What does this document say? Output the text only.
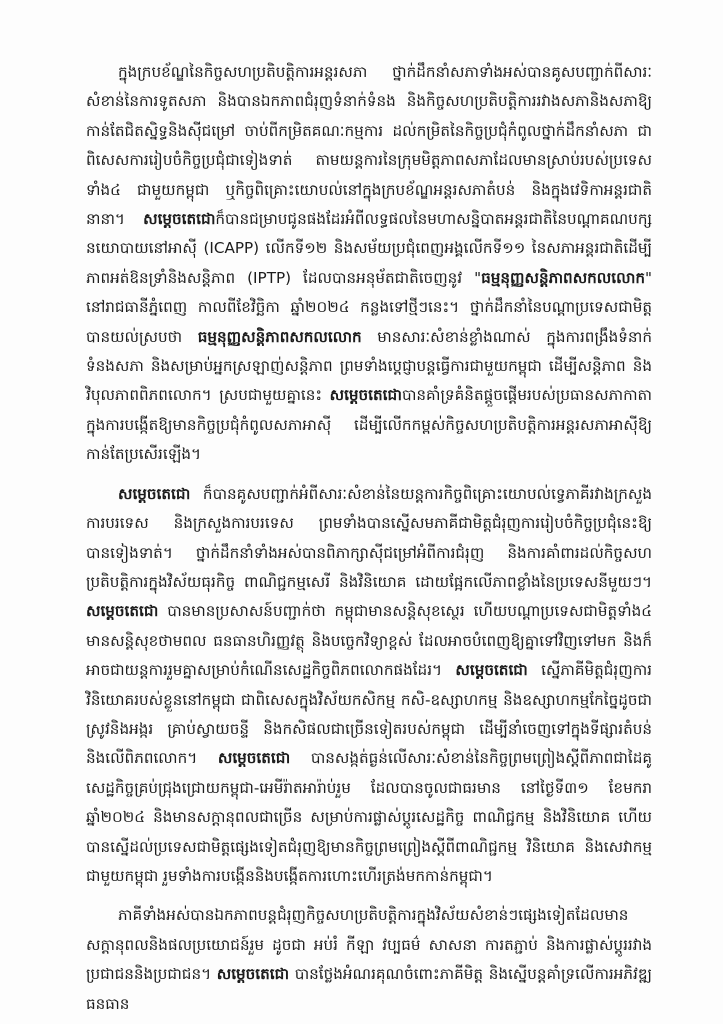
ក្នុងក្របខ័ណ្ឌនៃកិច្ចសហប្រតិបត្តិការអន្តរសភា ថ្នាក់ដឹកនាំសភាទាំងអស់បានគូសបញ្ជាក់ពីសារៈសំខាន់នៃការទូតសភា និងបានឯកភាពជំរុញទំនាក់ទំនង និងកិច្ចសហប្រតិបត្តិការរវាងសភានិងសភាឱ្យកាន់តែជិតស្និទ្ធនិងស៊ីជម្រៅ ចាប់ពីកម្រិតគណៈកម្មការ ដល់កម្រិតនៃកិច្ចប្រជុំកំពូលថ្នាក់ដឹកនាំសភា ជាពិសេសការរៀបចំកិច្ចប្រជុំជាទៀងទាត់ តាមយន្តការនៃក្រុមមិត្តភាពសភាដែលមានស្រាប់របស់ប្រទេសទាំង៤ ជាមួយកម្ពុជា ឬកិច្ចពិគ្រោះយោបល់នៅក្នុងក្របខ័ណ្ឌអន្តរសភាតំបន់ និងក្នុងវេទិកាអន្តរជាតិនានា។ សម្តេចតេជោក៏បានជម្រាបជូនផងដែរអំពីលទ្ធផលនៃមហាសន្និបាតអន្តរជាតិនៃបណ្តាគណបក្សនយោបាយនៅអាស៊ី (ICAPP) លើកទី១២ និងសម័យប្រជុំពេញអង្គលើកទី១១ នៃសភាអន្តរជាតិដើម្បីភាពអត់ឱនទ្រាំនិងសន្តិភាព (IPTP) ដែលបានអនុម័តជាតិចេញនូវ "ធម្មនុញ្ញសន្តិភាពសកលលោក" នៅរាជធានីភ្នំពេញ កាលពីខែវិច្ឆិកា ឆ្នាំ២០២៤ កន្លងទៅថ្មីៗនេះ។ ថ្នាក់ដឹកនាំនៃបណ្តាប្រទេសជាមិត្តបានយល់ស្របថា ធម្មនុញ្ញសន្តិភាពសកលលោក មានសារៈសំខាន់ខ្លាំងណាស់ ក្នុងការពង្រឹងទំនាក់ទំនងសភា និងសម្រាប់អ្នកស្រឡាញ់សន្តិភាព ព្រមទាំងប្តេជ្ញាបន្តធ្វើការជាមួយកម្ពុជា ដើម្បីសន្តិភាព និងវិបុលភាពពិភពលោក។ ស្របជាមួយគ្នានេះ សម្តេចតេជោបានគាំទ្រគំនិតផ្តួចផ្តើមរបស់ប្រធានសភាកាតា ក្នុងការបង្កើតឱ្យមានកិច្ចប្រជុំកំពូលសភាអាស៊ី ដើម្បីលើកកម្ពស់កិច្ចសហប្រតិបត្តិការអន្តរសភាអាស៊ីឱ្យកាន់តែប្រសើរឡើង។

សម្តេចតេជោ ក៏បានគូសបញ្ជាក់អំពីសារៈសំខាន់នៃយន្តការកិច្ចពិគ្រោះយោបល់ទ្វេភាគីរវាងក្រសួងការបរទេស និងក្រសួងការបរទេស ព្រមទាំងបានស្នើសមភាគីជាមិត្តជំរុញការរៀបចំកិច្ចប្រជុំនេះឱ្យបានទៀងទាត់។ ថ្នាក់ដឹកនាំទាំងអស់បានពិភាក្សាស៊ីជម្រៅអំពីការជំរុញ និងការគាំពារដល់កិច្ចសហប្រតិបត្តិការក្នុងវិស័យធុរកិច្ច ពាណិជ្ជកម្មសេរី និងវិនិយោគ ដោយផ្អែកលើភាពខ្លាំងនៃប្រទេសនីមួយៗ។ សម្តេចតេជោ បានមានប្រសាសន៍បញ្ជាក់ថា កម្ពុជាមានសន្តិសុខស្ថេរ ហើយបណ្តាប្រទេសជាមិត្តទាំង៤ មានសន្តិសុខថាមពល ធនធានហិរញ្ញវត្ថុ និងបច្ចេកវិទ្យាខ្ពស់ ដែលអាចបំពេញឱ្យគ្នាទៅវិញទៅមក និងក៏អាចជាយន្តការរួមគ្នាសម្រាប់កំណើនសេដ្ឋកិច្ចពិភពលោកផងដែរ។ សម្តេចតេជោ ស្នើភាគីមិត្តជំរុញការវិនិយោគរបស់ខ្លួននៅកម្ពុជា ជាពិសេសក្នុងវិស័យកសិកម្ម កសិ-ឧស្សាហកម្ម និងឧស្សាហកម្មកែច្នៃដូចជា ស្រូវនិងអង្ករ គ្រាប់ស្វាយចន្ទី និងកសិផលជាច្រើនទៀតរបស់កម្ពុជា ដើម្បីនាំចេញទៅក្នុងទីផ្សារតំបន់ និងលើពិភពលោក។ សម្តេចតេជោ បានសង្កត់ធ្ងន់លើសារៈសំខាន់នៃកិច្ចព្រមព្រៀងស្តីពីភាពជាដៃគូសេដ្ឋកិច្ចគ្រប់ជ្រុងជ្រោយកម្ពុជា-អេមីរ៉ាតអារ៉ាប់រួម ដែលបានចូលជាធរមាន នៅថ្ងៃទី៣១ ខែមករា ឆ្នាំ២០២៤ និងមានសក្តានុពលជាច្រើន សម្រាប់ការផ្លាស់ប្តូរសេដ្ឋកិច្ច ពាណិជ្ជកម្ម និងវិនិយោគ ហើយបានស្នើដល់ប្រទេសជាមិត្តផ្សេងទៀតជំរុញឱ្យមានកិច្ចព្រមព្រៀងស្តីពីពាណិជ្ជកម្ម វិនិយោគ និងសេវាកម្ម ជាមួយកម្ពុជា រួមទាំងការបង្កើននិងបង្កើតការហោះហើរត្រង់មកកាន់កម្ពុជា។

ភាគីទាំងអស់បានឯកភាពបន្តជំរុញកិច្ចសហប្រតិបត្តិការក្នុងវិស័យសំខាន់ៗផ្សេងទៀតដែលមានសក្តានុពលនិងផលប្រយោជន៍រួម ដូចជា អប់រំ កីឡា វប្បធម៌ សាសនា ការតភ្ជាប់ និងការផ្លាស់ប្តូររវាងប្រជាជននិងប្រជាជន។ សម្តេចតេជោ បានថ្លែងអំណរគុណចំពោះភាគីមិត្ត និងស្នើបន្តគាំទ្រលើការអភិវឌ្ឍធនធាន
